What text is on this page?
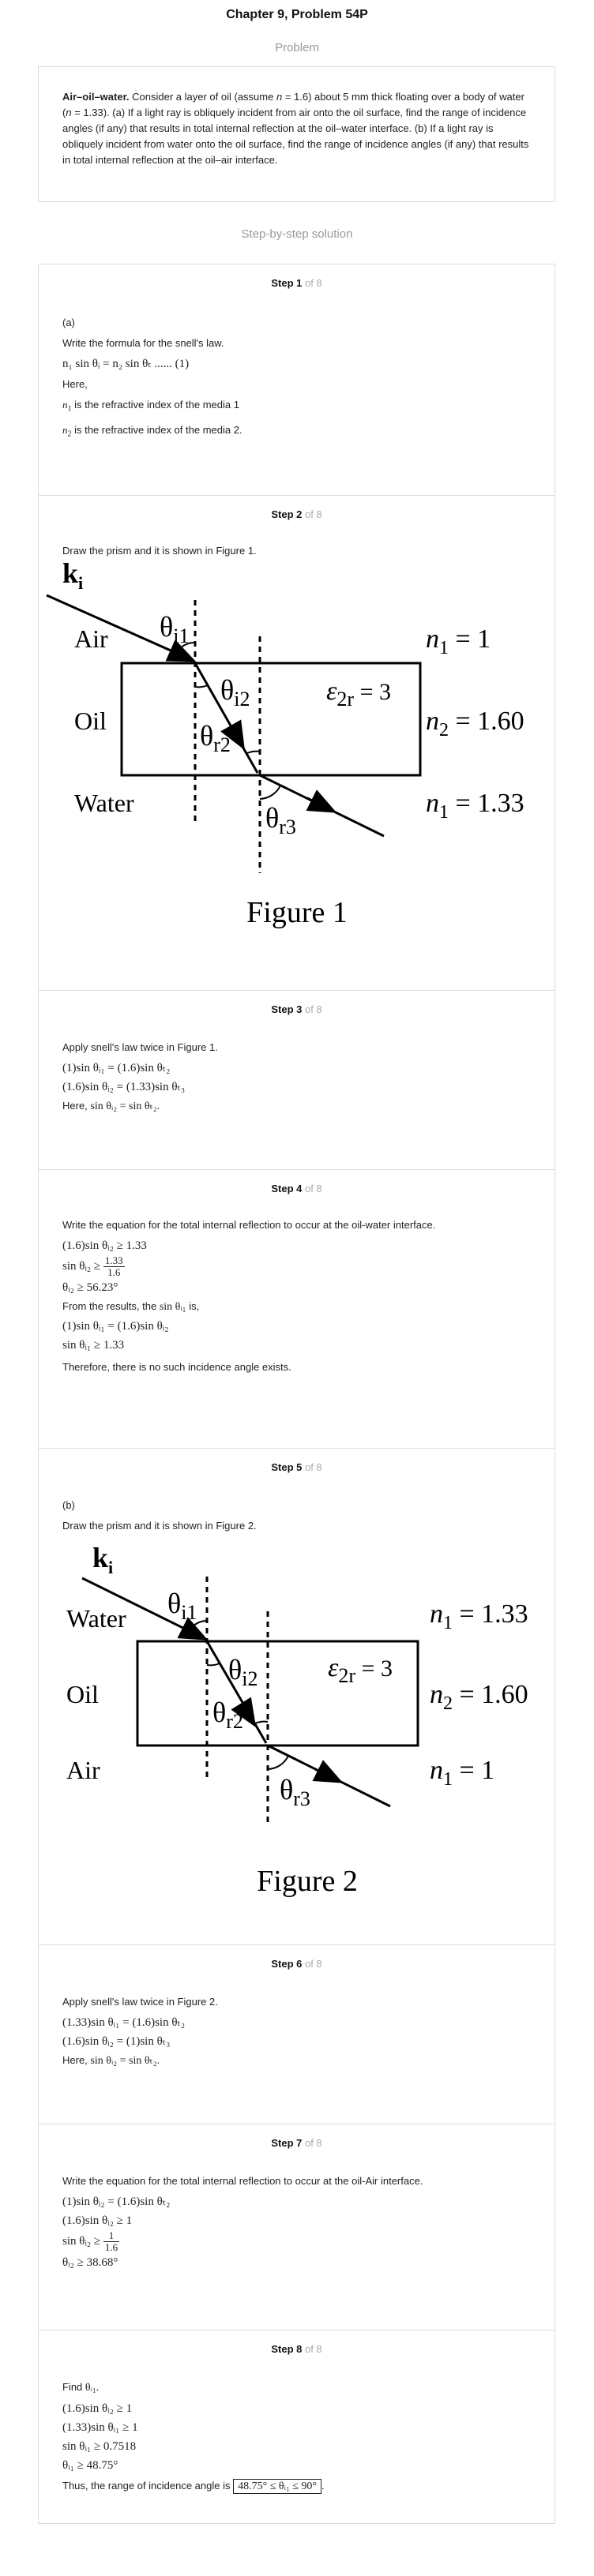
Chapter 9, Problem 54P
Problem

Air–oil–water. Consider a layer of oil (assume n = 1.6) about 5 mm thick floating over a body of water (n = 1.33). (a) If a light ray is obliquely incident from air onto the oil surface, find the range of incidence angles (if any) that results in total internal reflection at the oil–water interface. (b) If a light ray is obliquely incident from water onto the oil surface, find the range of incidence angles (if any) that results in total internal reflection at the oil–air interface.

Step-by-step solution
Step 1 of 8

(a)

Write the formula for the snell's law.

n₁ sin θᵢ = n₂ sin θₜ ...... (1)

Here,

$n_1$ is the refractive index of the media 1

$n_2$ is the refractive index of the media 2.

Step 2 of 8
Draw the prism and it is shown in Figure 1.
$k_i$
Air
Oil
Water
$\theta_{i1}$
$\theta_{i2}$
$\theta_{r2}$
$\theta_{r3}$
$\varepsilon_{2r} = 3$
$n_1 = 1$
$n_2 = 1.60$
$n_1 = 1.33$
Figure 1
Step 3 of 8

Apply snell's law twice in Figure 1.

(1)sin θᵢ₁ = (1.6)sin θₜ₂

(1.6)sin θᵢ₂ = (1.33)sin θₜ₃

Here, sin θᵢ₂ = sin θₜ₂.

Step 4 of 8

Write the equation for the total internal reflection to occur at the oil-water interface.

(1.6)sin θᵢ₂ ≥ 1.33

sin θᵢ₂ ≥ $\frac{1.33}{1.6}$

θᵢ₂ ≥ 56.23°

From the results, the sin θᵢ₁ is,

(1)sin θᵢ₁ = (1.6)sin θᵢ₂

sin θᵢ₁ ≥ 1.33

Therefore, there is no such incidence angle exists.

Step 5 of 8

(b)

Draw the prism and it is shown in Figure 2.

$k_i$
Water
Oil
Air
$\theta_{i1}$
$\theta_{i2}$
$\theta_{r2}$
$\theta_{r3}$
$\varepsilon_{2r} = 3$
$n_1 = 1.33$
$n_2 = 1.60$
$n_1 = 1$
Figure 2
Step 6 of 8

Apply snell's law twice in Figure 2.

(1.33)sin θᵢ₁ = (1.6)sin θₜ₂

(1.6)sin θᵢ₂ = (1)sin θₜ₃

Here, sin θᵢ₂ = sin θₜ₂.

Step 7 of 8

Write the equation for the total internal reflection to occur at the oil-Air interface.

(1)sin θᵢ₂ = (1.6)sin θₜ₂

(1.6)sin θᵢ₂ ≥ 1

sin θᵢ₂ ≥ $\frac{1}{1.6}$

θᵢ₂ ≥ 38.68°

Step 8 of 8

Find θᵢ₁.

(1.6)sin θᵢ₂ ≥ 1

(1.33)sin θᵢ₁ ≥ 1

sin θᵢ₁ ≥ 0.7518

θᵢ₁ ≥ 48.75°

Thus, the range of incidence angle is 48.75° ≤ θᵢ₁ ≤ 90° .
